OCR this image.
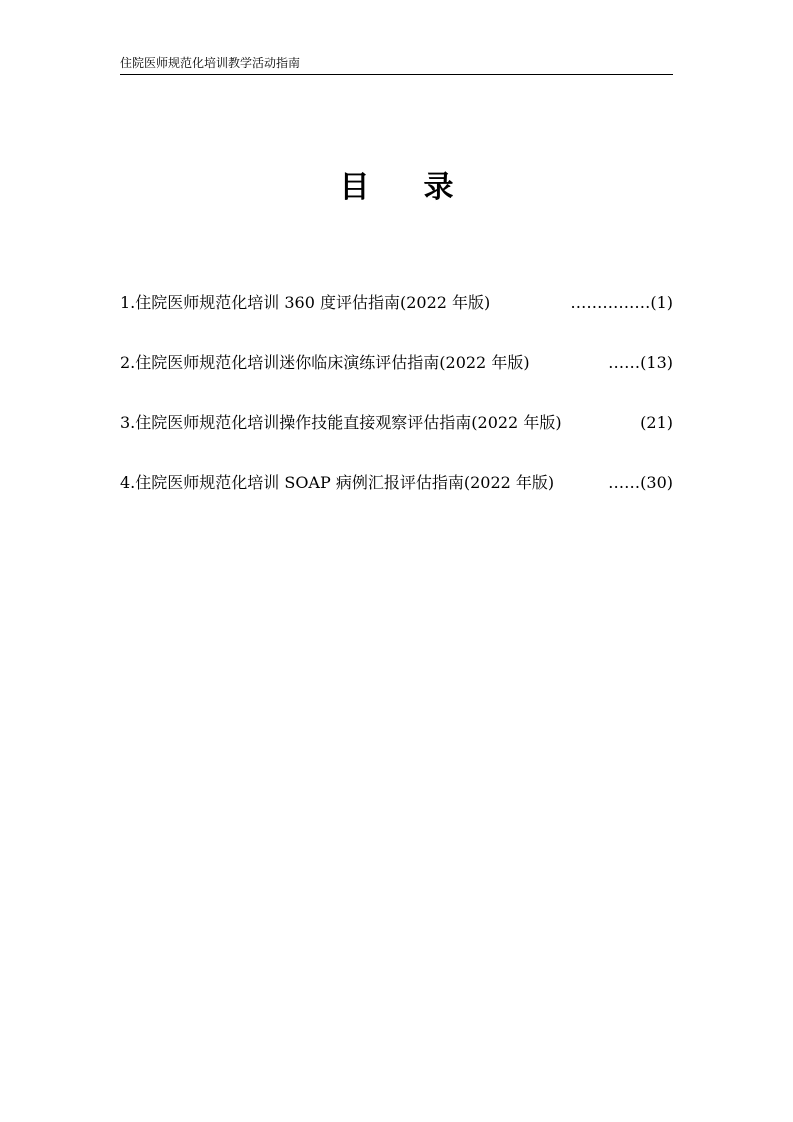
住院医师规范化培训教学活动指南
目录
1.住院医师规范化培训 360 度评估指南(2022 年版)	…………… (1)
2.住院医师规范化培训迷你临床演练评估指南(2022 年版)	…… (13)
3.住院医师规范化培训操作技能直接观察评估指南(2022 年版)	(21)
4.住院医师规范化培训 SOAP 病例汇报评估指南(2022 年版)	…… (30)
